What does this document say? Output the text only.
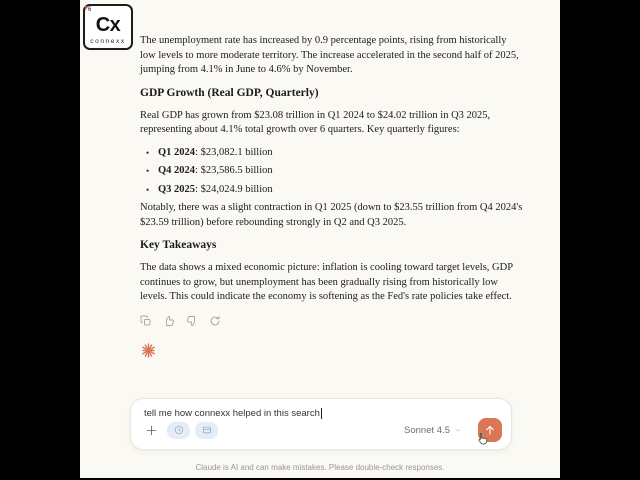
6
Cx
connexx	The unemployment rate has increased by 0.9 percentage points, rising from historically low levels to more moderate territory. The increase accelerated in the second half of 2025, jumping from 4.1% in June to 4.6% by November.

GDP Growth (Real GDP, Quarterly)

Real GDP has grown from $23.08 trillion in Q1 2024 to $24.02 trillion in Q3 2025, representing about 4.1% total growth over 6 quarters. Key quarterly figures:

• Q1 2024: $23,082.1 billion
• Q4 2024: $23,586.5 billion
• Q3 2025: $24,024.9 billion

Notably, there was a slight contraction in Q1 2025 (down to $23.55 trillion from Q4 2024's $23.59 trillion) before rebounding strongly in Q2 and Q3 2025.

Key Takeaways

The data shows a mixed economic picture: inflation is cooling toward target levels, GDP continues to grow, but unemployment has been gradually rising from historically low levels. This could indicate the economy is softening as the Fed's rate policies take effect.

tell me how connexx helped in this search
Sonnet 4.5
Claude is AI and can make mistakes. Please double-check responses.
